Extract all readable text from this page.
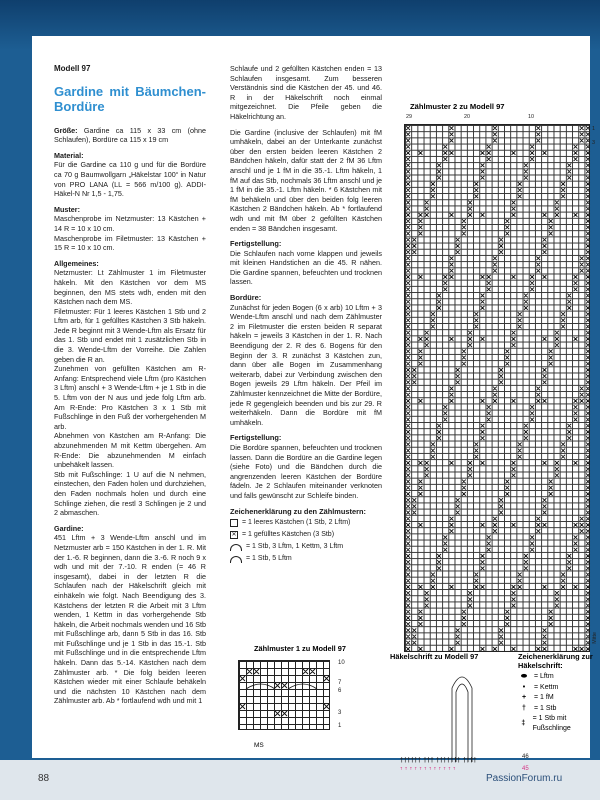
Modell 97
Gardine mit Bäumchen-Bordüre

Größe: Gardine ca 115 x 33 cm (ohne Schlaufen), Bordüre ca 115 x 19 cm

Material:
Für die Gardine ca 110 g und für die Bordüre ca 70 g Baumwollgarn „Häkelstar 100“ in Natur von PRO LANA (LL = 566 m/100 g). ADDI-Häkel-N Nr 1,5 - 1,75.

Muster:
Maschenprobe im Netzmuster: 13 Kästchen + 14 R = 10 x 10 cm.
Maschenprobe im Filetmuster: 13 Kästchen + 15 R = 10 x 10 cm.

Allgemeines:
Netzmuster: Lt Zählmuster 1 im Filetmuster häkeln. Mit den Kästchen vor dem MS beginnen, den MS stets wdh, enden mit den Kästchen nach dem MS.
Filetmuster: Für 1 leeres Kästchen 1 Stb und 2 Lftm arb, für 1 gefülltes Kästchen 3 Stb häkeln. Jede R beginnt mit 3 Wende-Lftm als Ersatz für das 1. Stb und endet mit 1 zusätzlichen Stb in die 3. Wende-Lftm der Vorreihe. Die Zahlen geben die R an.
Zunehmen von gefüllten Kästchen am R-Anfang: Entsprechend viele Lftm (pro Kästchen 3 Lftm) anschl + 3 Wende-Lftm + je 1 Stb in die 5. Lftm von der N aus und jede folg Lftm arb. Am R-Ende: Pro Kästchen 3 x 1 Stb mit Fußschlinge in den Fuß der vorhergehenden M arb.
Abnehmen von Kästchen am R-Anfang: Die abzunehmenden M mit Kettm übergehen. Am R-Ende: Die abzunehmenden M einfach unbehäkelt lassen.
Stb mit Fußschlinge: 1 U auf die N nehmen, einstechen, den Faden holen und durchziehen, den Faden nochmals holen und durch eine Schlinge ziehen, die restl 3 Schlingen je 2 und 2 abmaschen.

Gardine:
451 Lftm + 3 Wende-Lftm anschl und im Netzmuster arb = 150 Kästchen in der 1. R. Mit der 1.-6. R beginnen, dann die 3.-6. R noch 9 x wdh und mit der 7.-10. R enden (= 46 R insgesamt), dabei in der letzten R die Schlaufen nach der Häkelschrift gleich mit einhäkeln wie folgt. Nach Beendigung des 3. Kästchens der letzten R die Arbeit mit 3 Lftm wenden, 1 Kettm in das vorhergehende Stb häkeln, die Arbeit nochmals wenden und 16 Stb mit Fußschlinge arb, dann 5 Stb in das 16. Stb mit Fußschlinge und je 1 Stb in das 15.-1. Stb mit Fußschlinge und in die entsprechende Lftm häkeln. Dann das 5.-14. Kästchen nach dem Zählmuster arb. * Die folg beiden leeren Kästchen wieder mit einer Schlaufe behäkeln und die nächsten 10 Kästchen nach dem Zählmuster arb. Ab * fortlaufend wdh und mit 1

Schlaufe und 2 gefüllten Kästchen enden = 13 Schlaufen insgesamt. Zum besseren Verständnis sind die Kästchen der 45. und 46. R in der Häkelschrift noch einmal mitgezeichnet. Die Pfeile geben die Häkelrichtung an.

Die Gardine (inclusive der Schlaufen) mit fM umhäkeln, dabei an der Unterkante zunächst über den ersten beiden leeren Kästchen 2 Bändchen häkeln, dafür statt der 2 fM 36 Lftm anschl und je 1 fM in die 35.-1. Lftm häkeln, 1 fM auf das Stb, nochmals 36 Lftm anschl und je 1 fM in die 35.-1. Lftm häkeln. * 6 Kästchen mit fM behäkeln und über den beiden folg leeren Kästchen 2 Bändchen häkeln. Ab * fortlaufend wdh und mit fM über 2 gefüllten Kästchen enden = 38 Bändchen insgesamt.

Fertigstellung:

Die Schlaufen nach vorne klappen und jeweils mit kleinen Handstichen an die 45. R nähen. Die Gardine spannen, befeuchten und trocknen lassen.

Bordüre:

Zunächst für jeden Bogen (6 x arb) 10 Lftm + 3 Wende-Lftm anschl und nach dem Zählmuster 2 im Filetmuster die ersten beiden R separat häkeln = jeweils 3 Kästchen in der 1. R. Nach Beendigung der 2. R des 6. Bogens für den Beginn der 3. R zunächst 3 Kästchen zun, dann über alle Bogen im Zusammenhang weiterarb, dabei zur Verbindung zwischen den Bogen jeweils 29 Lftm häkeln. Der Pfeil im Zählmuster kennzeichnet die Mitte der Bordüre, jede R gegengleich beenden und bis zur 29. R weiterhäkeln. Dann die Bordüre mit fM umhäkeln.

Fertigstellung:

Die Bordüre spannen, befeuchten und trocknen lassen. Dann die Bordüre an die Gardine legen (siehe Foto) und die Bändchen durch die angrenzenden leeren Kästchen der Bordüre fädeln. Je 2 Schlaufen miteinander verknoten und falls gewünscht zur Schleife binden.

Zeichenerklärung zu den Zählmustern:
= 1 leeres Kästchen (1 Stb, 2 Lftm)
✕ = 1 gefülltes Kästchen (3 Stb)
= 1 Stb, 3 Lftm, 1 Kettm, 3 Lftm
= 1 Stb, 5 Lftm
Zählmuster 1 zu Modell 97
10
7
6
3
1
MS
Zählmuster 2 zu Modell 97
29	20	10
1
3
Mitte
Häkelschrift zu Modell 97
†††††† ††† ††††††† ††††
ꜛ ꜛ ꜛ ꜛ ꜛ ꜛ ꜛ ꜛ ꜛ ꜛ ꜛ ꜛ
46
45
Zeichenerklärung zur Häkelschrift:
⬬	= Lftm
•	= Kettm
+	= 1 fM
†	= 1 Stb
‡
= 1 Stb mit Fußschlinge
88	PassionForum.ru
